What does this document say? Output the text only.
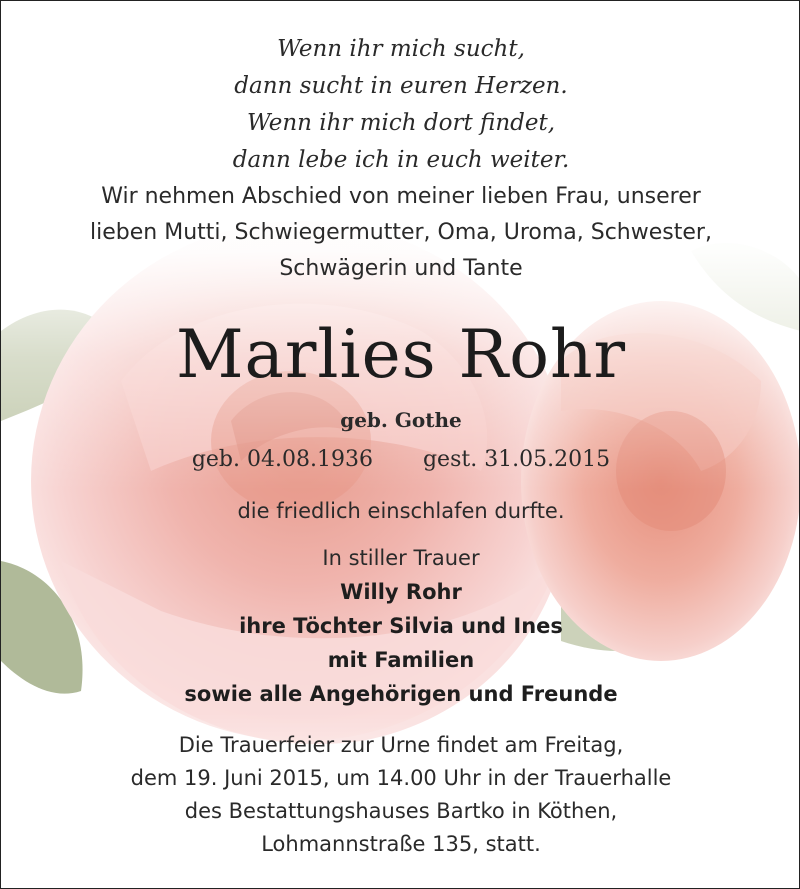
Wenn ihr mich sucht,
dann sucht in euren Herzen.
Wenn ihr mich dort findet,
dann lebe ich in euch weiter.
Wir nehmen Abschied von meiner lieben Frau, unserer
lieben Mutti, Schwiegermutter, Oma, Uroma, Schwester,
Schwägerin und Tante
Marlies Rohr
geb. Gothe
geb. 04.08.1936 gest. 31.05.2015
die friedlich einschlafen durfte.
In stiller Trauer
Willy Rohr
ihre Töchter Silvia und Ines
mit Familien
sowie alle Angehörigen und Freunde
Die Trauerfeier zur Urne findet am Freitag,
dem 19. Juni 2015, um 14.00 Uhr in der Trauerhalle
des Bestattungshauses Bartko in Köthen,
Lohmannstraße 135, statt.
